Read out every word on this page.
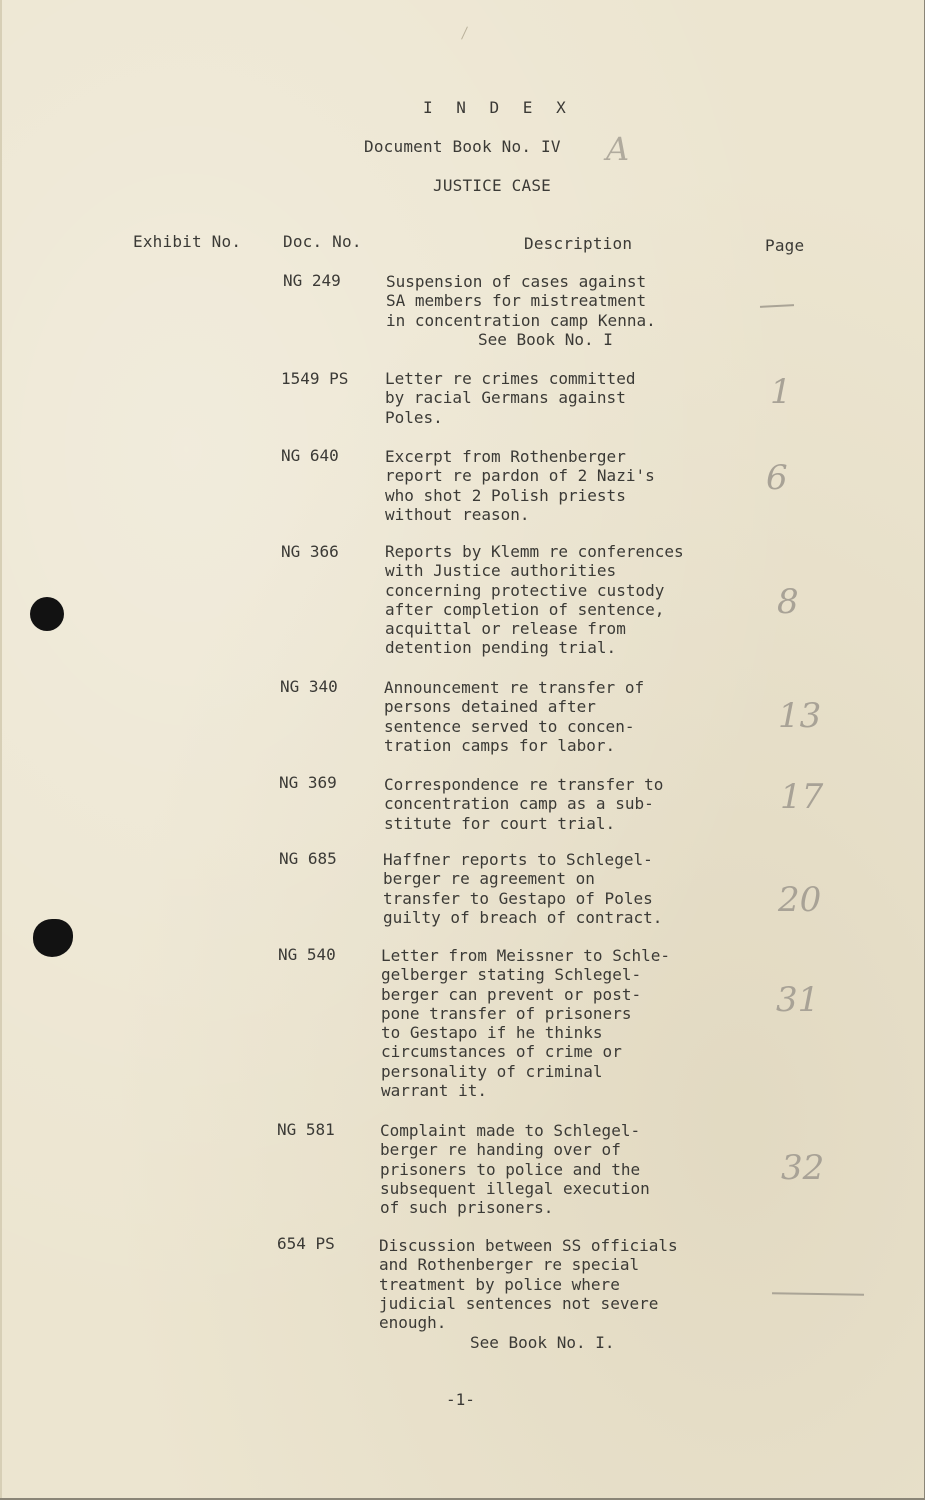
I N D E X
Document Book No. IV A
JUSTICE CASE
Exhibit No.	Doc. No.	Description	Page
NG 249	Suspension of cases against
SA members for mistreatment
in concentration camp Kenna.
See Book No. I
1549 PS Letter re crimes committed
by racial Germans against
Poles.
1
NG 640	Excerpt from Rothenberger
report re pardon of 2 Nazi's
who shot 2 Polish priests
without reason.
6
NG 366	Reports by Klemm re conferences
with Justice authorities
concerning protective custody
after completion of sentence,
acquittal or release from
detention pending trial.
8
NG 340	Announcement re transfer of
persons detained after
sentence served to concen-
tration camps for labor.
13
NG 369	Correspondence re transfer to
concentration camp as a sub-
stitute for court trial.
17
NG 685	Haffner reports to Schlegel-
berger re agreement on
transfer to Gestapo of Poles
guilty of breach of contract.	20
NG 540	Letter from Meissner to Schle-
gelberger stating Schlegel-
berger can prevent or post-
pone transfer of prisoners
to Gestapo if he thinks
circumstances of crime or
personality of criminal
warrant it.
31
NG 581	Complaint made to Schlegel-
berger re handing over of
prisoners to police and the
subsequent illegal execution
of such prisoners.
32
654 PS	Discussion between SS officials
and Rothenberger re special
treatment by police where
judicial sentences not severe
enough.
See Book No. I.
-1-
